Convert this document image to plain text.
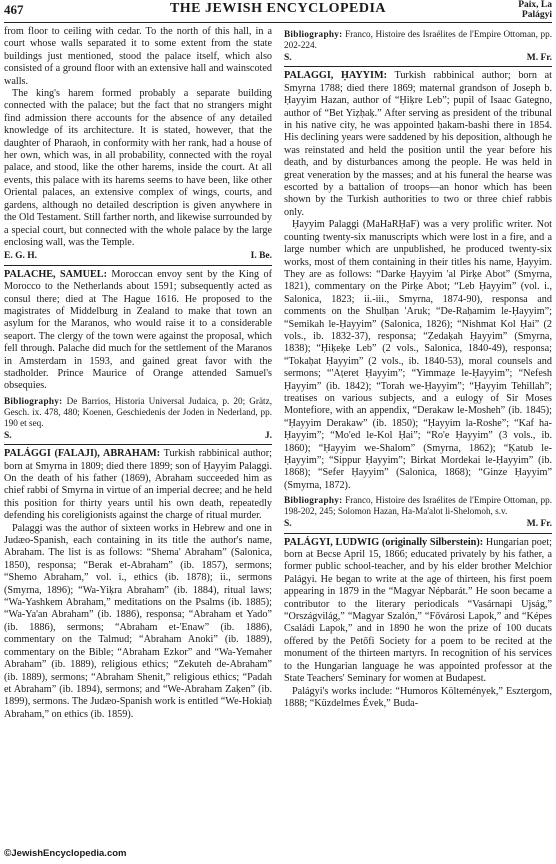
467	THE JEWISH ENCYCLOPEDIA	Paix, La
Palágyi

from floor to ceiling with cedar. To the north of this hall, in a court whose walls separated it to some extent from the state buildings just mentioned, stood the palace itself, which also consisted of a ground floor with an extensive hall and wainscoted walls.

The king's harem formed probably a separate building connected with the palace; but the fact that no strangers might find admission there accounts for the absence of any detailed knowledge of its architecture. It is stated, however, that the daughter of Pharaoh, in conformity with her rank, had a house of her own, which was, in all probability, connected with the royal palace, and stood, like the other harems, inside the court. At all events, this palace with its harems seems to have been, like other Oriental palaces, an extensive complex of wings, courts, and gardens, although no detailed description is given anywhere in the Old Testament. Still farther north, and likewise surrounded by a special court, but connected with the whole palace by the large enclosing wall, was the Temple.

E. G. H.	I. Be.

PALACHE, SAMUEL: Moroccan envoy sent by the King of Morocco to the Netherlands about 1591; subsequently acted as consul there; died at The Hague 1616. He proposed to the magistrates of Middelburg in Zealand to make that town an asylum for the Maranos, who would raise it to a considerable seaport. The clergy of the town were against the proposal, which fell through. Palache did much for the settlement of the Maranos in Amsterdam in 1593, and gained great favor with the stadholder. Prince Maurice of Orange attended Samuel's obsequies.

Bibliography: De Barrios, Historia Universal Judaica, p. 20; Grätz, Gesch. ix. 478, 480; Koenen, Geschiedenis der Joden in Nederland, pp. 190 et seq.

S.	J.

PALÁGGI (FALAJI), ABRAHAM: Turkish rabbinical author; born at Smyrna in 1809; died there 1899; son of Ḥayyim Palaggi. On the death of his father (1869), Abraham succeeded him as chief rabbi of Smyrna in virtue of an imperial decree; and he held this position for thirty years until his own death, repeatedly defending his coreligionists against the charge of ritual murder.

Palaggi was the author of sixteen works in Hebrew and one in Judæo-Spanish, each containing in its title the author's name, Abraham. The list is as follows: “Shema' Abraham” (Salonica, 1850), responsa; “Berak et-Abraham” (ib. 1857), sermons; “Shemo Abraham,” vol. i., ethics (ib. 1878); ii., sermons (Smyrna, 1896); “Wa-Yiḳra Abraham” (ib. 1884), ritual laws; “Wa-Yashkem Abraham,” meditations on the Psalms (ib. 1885); “Wa-Ya'an Abraham” (ib. 1886), responsa; “Abraham et Yado” (ib. 1886), sermons; “Abraham et-'Enaw” (ib. 1886), commentary on the Talmud; “Abraham Anoki” (ib. 1889), commentary on the Bible; “Abraham Ezkor” and “Wa-Yemaher Abraham” (ib. 1889), religious ethics; “Zekuteh de-Abraham” (ib. 1889), sermons; “Abraham Shenit,” religious ethics; “Padah et Abraham” (ib. 1894), sermons; and “We-Abraham Zaḳen” (ib. 1899), sermons. The Judæo-Spanish work is entitled “We-Hokiaḥ Abraham,” on ethics (ib. 1859).

Bibliography: Franco, Histoire des Israélites de l'Empire Ottoman, pp. 202-224.

S.	M. Fr.

PALAGGI, ḤAYYIM: Turkish rabbinical author; born at Smyrna 1788; died there 1869; maternal grandson of Joseph b. Ḥayyim Hazan, author of “Ḥiḳre Leb”; pupil of Isaac Gategno, author of “Bet Yiẓḥaḳ.” After serving as president of the tribunal in his native city, he was appointed ḥakam-bashi there in 1854. His declining years were saddened by his deposition, although he was reinstated and held the position until the year before his death, and by disturbances among the people. He was held in great veneration by the masses; and at his funeral the hearse was escorted by a battalion of troops—an honor which has been shown by the Turkish authorities to two or three chief rabbis only.

Ḥayyim Palaggi (MaHaRḤaF) was a very prolific writer. Not counting twenty-six manuscripts which were lost in a fire, and a large number which are unpublished, he produced twenty-six works, most of them containing in their titles his name, Ḥayyim. They are as follows: “Darke Ḥayyim 'al Pirḳe Abot” (Smyrna, 1821), commentary on the Pirḳe Abot; “Leb Ḥayyim” (vol. i., Salonica, 1823; ii.-iii., Smyrna, 1874-90), responsa and comments on the Shulḥan 'Aruk; “De-Raḥamim le-Ḥayyim”; “Semikah le-Ḥayyim” (Salonica, 1826); “Nishmat Kol Ḥai” (2 vols., ib. 1832-37), responsa; “Ẓedaḳah Ḥayyim” (Smyrna, 1838); “Ḥiḳeḳe Leb” (2 vols., Salonica, 1840-49), responsa; “Tokaḥat Ḥayyim” (2 vols., ib. 1840-53), moral counsels and sermons; “'Aṭeret Ḥayyim”; “Yimmaẓe le-Ḥayyim”; “Nefesh Ḥayyim” (ib. 1842); “Torah we-Ḥayyim”; “Ḥayyim Tehillah”; treatises on various subjects, and a eulogy of Sir Moses Montefiore, with an appendix, “Derakaw le-Mosheh” (ib. 1845); “Ḥayyim Derakaw” (ib. 1850); “Ḥayyim la-Roshe”; “Kaf ha-Ḥayyim”; “Mo'ed le-Kol Ḥai”; “Ro'e Ḥayyim” (3 vols., ib. 1860); “Ḥayyim we-Shalom” (Smyrna, 1862); “Ḳatub le-Ḥayyim”; “Sippur Ḥayyim”; Birkat Mordekai le-Ḥayyim” (ib. 1868); “Sefer Ḥayyim” (Salonica, 1868); “Ginze Ḥayyim” (Smyrna, 1872).

Bibliography: Franco, Histoire des Israélites de l'Empire Ottoman, pp. 198-202, 245; Solomon Hazan, Ha-Ma'alot li-Shelomoh, s.v.

S.	M. Fr.

PALÁGYI, LUDWIG (originally Silberstein): Hungarian poet; born at Becse April 15, 1866; educated privately by his father, a former public school-teacher, and by his elder brother Melchior Palágyi. He began to write at the age of thirteen, his first poem appearing in 1879 in the “Magyar Népbarát.” He soon became a contributor to the literary periodicals “Vasárnapi Ujság,” “Országvilág,” “Magyar Szalón,” “Fővárosi Lapok,” and “Képes Családi Lapok,” and in 1890 he won the prize of 100 ducats offered by the Petőfi Society for a poem to be recited at the monument of the thirteen martyrs. In recognition of his services to the Hungarian language he was appointed professor at the State Teachers' Seminary for women at Budapest.

Palágyi's works include: “Humoros Költemények,” Esztergom, 1888; “Küzdelmes Évek,” Buda-

©JewishEncyclopedia.com
